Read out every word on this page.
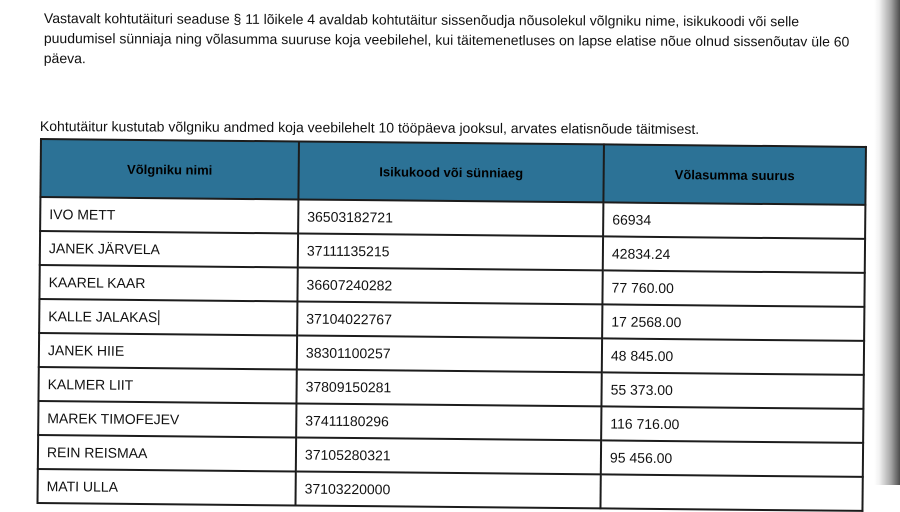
Vastavalt kohtutäituri seaduse § 11 lõikele 4 avaldab kohtutäitur sissenõudja nõusolekul võlgniku nime, isikukoodi või selle puudumisel sünniaja ning võlasumma suuruse koja veebilehel, kui täitemenetluses on lapse elatise nõue olnud sissenõutav üle 60 päeva.

Kohtutäitur kustutab võlgniku andmed koja veebilehelt 10 tööpäeva jooksul, arvates elatisnõude täitmisest.

Võlgniku nimi	Isikukood või sünniaeg	Võlasumma suurus
IVO METT	36503182721	66934
JANEK JÄRVELA	37111135215	42834.24
KAAREL KAAR	36607240282	77 760.00
KALLE JALAKAS	37104022767	17 2568.00
JANEK HIIE	38301100257	48 845.00
KALMER LIIT	37809150281	55 373.00
MAREK TIMOFEJEV	37411180296	116 716.00
REIN REISMAA	37105280321	95 456.00
MATI ULLA	37103220000	
